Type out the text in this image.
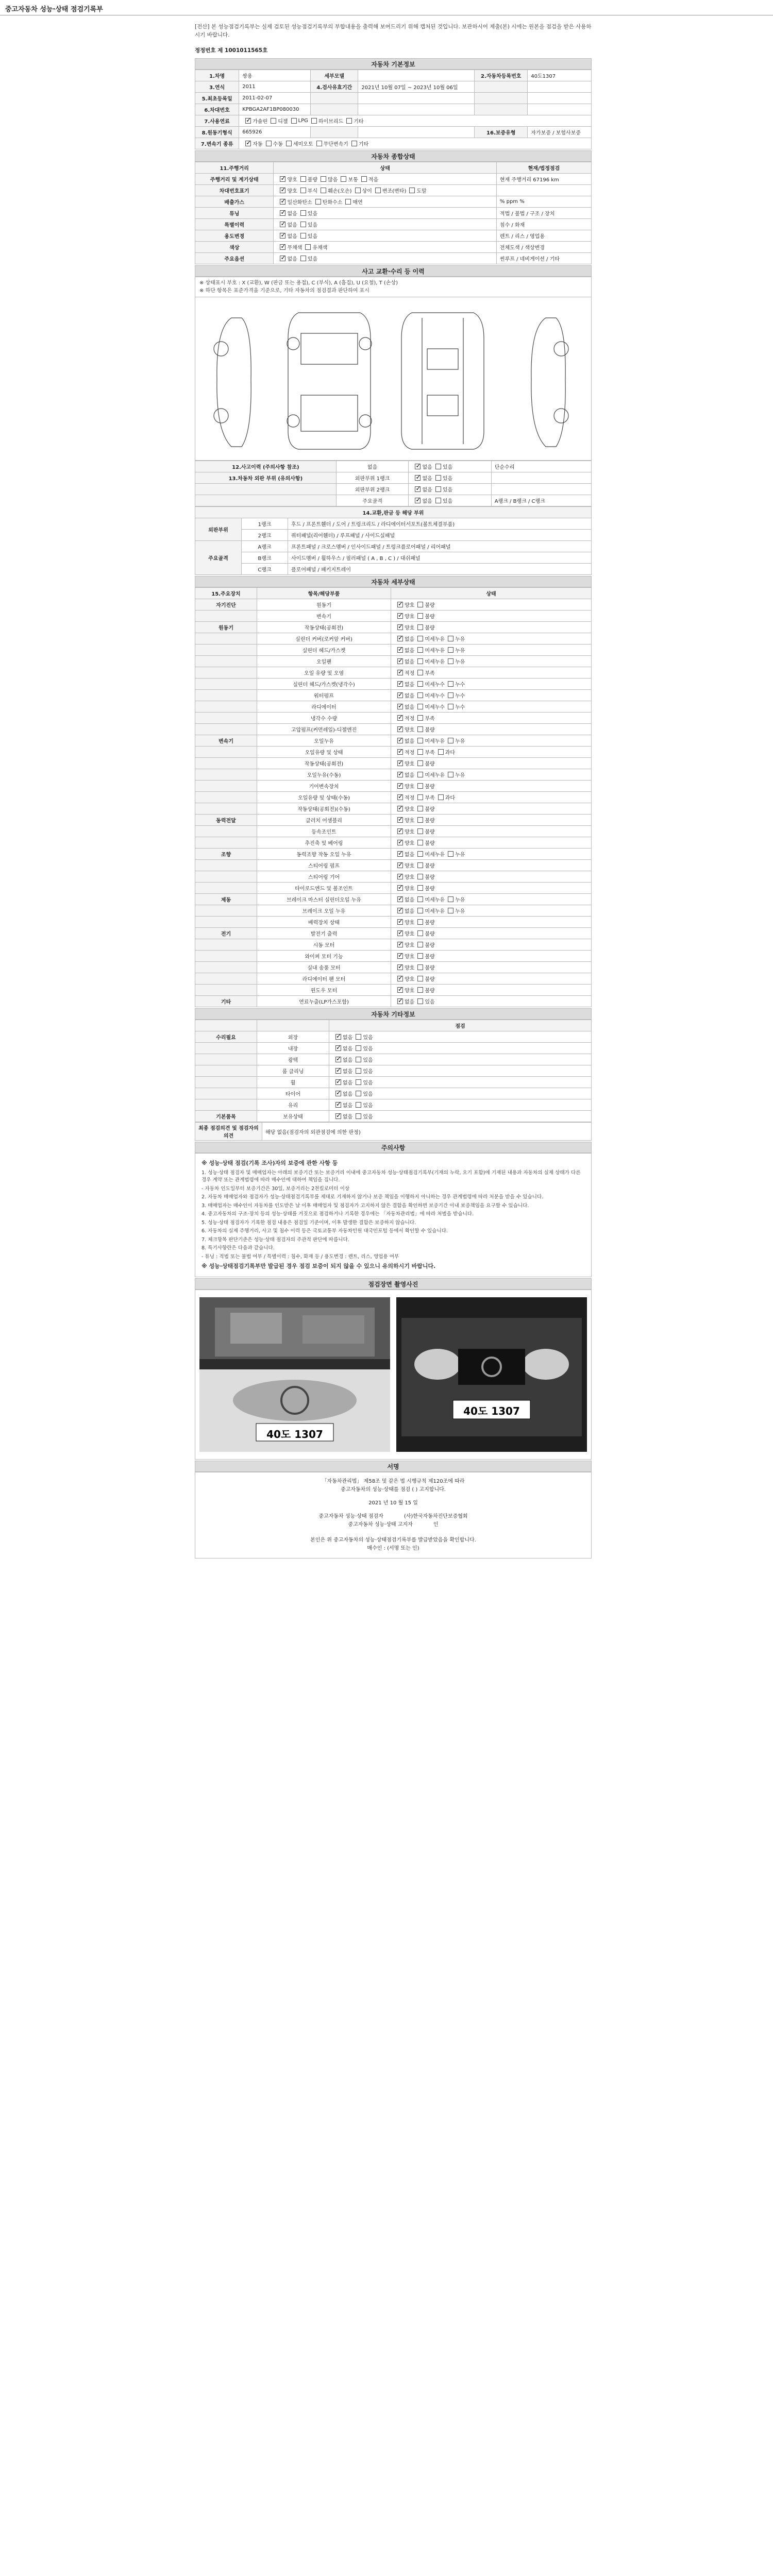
중고자동차 성능·상태 점검기록부

[전산] 본 성능점검기록부는 실제 검토된 성능점검기록부의 부합내용을 출력해 보여드리기 위해 캡처된 것입니다. 보관하시어 제출(본) 시에는 원본을 점검을 받은 사용하시기 바랍니다.

정정번호 제 1001011565호
자동차 기본정보
1.차명	쌍용	세부모델		2.자동차등록번호	40도1307
3.연식	2011	4.검사유효기간	2021년 10월 07일 ~ 2023년 10월 06일		
5.최초등록일	2011-02-07				
6.차대번호	KPBGA2AF1BP080030				
7.사용연료	✓가솔린 디젤 LPG 하이브리드 기타
8.원동기형식	665926			16.보증유형	자가보증 / 보험사보증
7.변속기 종류	✓자동 수동 세미오토 무단변속기 기타
자동차 종합상태
11.주행거리	상태	현재/법정점검
주행거리 및 계기상태	✓양호 불량 많음 보통 적음	현재 주행거리 67196 km
차대번호표기	✓양호 부식 훼손(오손) 상이 변조(변타) 도말	
배출가스	✓일산화탄소 탄화수소 매연	% ppm %
튜닝	✓없음 있음	적법 / 불법 / 구조 / 장치
특별이력	✓없음 있음	침수 / 화재
용도변경	✓없음 있음	렌트 / 리스 / 영업용
색상	✓무채색 유채색	전체도색 / 색상변경
주요옵션	✓없음 있음	썬루프 / 네비게이션 / 기타
사고 교환·수리 등 이력
※ 상태표시 부호 : X (교환), W (판금 또는 용접), C (부식), A (흠집), U (요철), T (손상)
※ 하단 항목은 표준가격을 기준으로, 기타 자동차의 점검결과 판단하여 표시
12.사고이력 (주의사항 참조)	없음	✓없음 있음	단순수리
13.차동차 외판 부위 (유의사항)	외판부위 1랭크	✓없음 있음	
	외판부위 2랭크	✓없음 있음	
	주요골격	✓없음 있음	A랭크 / B랭크 / C랭크
14.교환,판금 등 해당 부위		
외판부위	1랭크	후드 / 프론트휀더 / 도어 / 트렁크리드 / 라디에이터서포트(볼트체결부품)
	2랭크	쿼터패널(리어휀더) / 루프패널 / 사이드실패널
주요골격	A랭크	프론트패널 / 크로스멤버 / 인사이드패널 / 트렁크플로어패널 / 리어패널
	B랭크	사이드멤버 / 휠하우스 / 필러패널 ( A , B , C ) / 대쉬패널
	C랭크	플로어패널 / 패키지트레이
자동차 세부상태
15.주요장치	항목/해당부품	상태
자기진단	원동기	✓양호 불량
	변속기	✓양호 불량
원동기	작동상태(공회전)	✓양호 불량
	실린더 커버(로커암 커버)	✓없음 미세누유 누유
	실린더 헤드/가스켓	✓없음 미세누유 누유
	오일팬	✓없음 미세누유 누유
	오일 유량 및 오염	✓적정 부족
	실린더 헤드/가스켓(냉각수)	✓없음 미세누수 누수
	워터펌프	✓없음 미세누수 누수
	라디에이터	✓없음 미세누수 누수
	냉각수 수량	✓적정 부족
	고압펌프(커먼레일)-디젤엔진	✓양호 불량
변속기	오일누유	✓없음 미세누유 누유
	오일유량 및 상태	✓적정 부족 과다
	작동상태(공회전)	✓양호 불량
	오일누유(수동)	✓없음 미세누유 누유
	기어변속장치	✓양호 불량
	오일유량 및 상태(수동)	✓적정 부족 과다
	작동상태(공회전)(수동)	✓양호 불량
동력전달	클러치 어셈블리	✓양호 불량
	등속조인트	✓양호 불량
	추진축 및 베어링	✓양호 불량
조향	동력조향 작동 오일 누유	✓없음 미세누유 누유
	스티어링 펌프	✓양호 불량
	스티어링 기어	✓양호 불량
	타이로드엔드 및 볼조인트	✓양호 불량
제동	브레이크 마스터 실린더오일 누유	✓없음 미세누유 누유
	브레이크 오일 누유	✓없음 미세누유 누유
	배력장치 상태	✓양호 불량
전기	발전기 출력	✓양호 불량
	시동 모터	✓양호 불량
	와이퍼 모터 기능	✓양호 불량
	실내 송풍 모터	✓양호 불량
	라디에이터 팬 모터	✓양호 불량
	윈도우 모터	✓양호 불량
기타	연료누출(LP가스포함)	✓없음 있음
자동차 기타정보
		점검
수리필요	외장	✓없음 있음
	내장	✓없음 있음
	광택	✓없음 있음
	룸 클리닝	✓없음 있음
	휠	✓없음 있음
	타이어	✓없음 있음
	유리	✓없음 있음
기본품목	보유상태	✓없음 있음
최종 점검의견 및 점검자의 의견	해당 없음(점검자의 외관점검에 의한 판정)
주의사항

※ 성능·상태 점검(기록 조사)자의 보증에 관한 사항 등

1. 성능·상태 점검자 및 매매업자는 아래의 보증기간 또는 보증거리 이내에 중고자동차 성능·상태점검기록부(기재의 누락, 오기 포함)에 기재된 내용과 자동차의 실제 상태가 다른 경우 계약 또는 관계법령에 따라 매수인에 대하여 책임을 집니다.

- 자동차 인도일부터 보증기간은 30일, 보증거리는 2천킬로미터 이상

2. 자동차 매매업자와 점검자가 성능·상태점검기록부를 제대로 기재하지 않거나 보증 책임을 이행하지 아니하는 경우 관계법령에 따라 처분을 받을 수 있습니다.

3. 매매업자는 매수인이 자동차를 인도받은 날 이후 매매업자 및 점검자가 고지하지 않은 결함을 확인하면 보증기간 이내 보증책임을 요구할 수 있습니다.

4. 중고자동차의 구조·장치 등의 성능·상태를 거짓으로 점검하거나 기록한 경우에는 「자동차관리법」에 따라 처벌을 받습니다.

5. 성능·상태 점검자가 기록한 점검 내용은 점검일 기준이며, 이후 발생한 결함은 보증하지 않습니다.

6. 자동차의 실제 주행거리, 사고 및 침수 이력 등은 국토교통부 자동차민원 대국민포털 등에서 확인할 수 있습니다.

7. 체크항목 판단기준은 성능·상태 점검자의 주관적 판단에 따릅니다.

8. 특기사항란은 다음과 같습니다.

- 튜닝 : 적법 또는 불법 여부 / 특별이력 : 침수, 화재 등 / 용도변경 : 렌트, 리스, 영업용 여부

※ 성능·상태점검기록부만 발급된 경우 점검 보증이 되지 않을 수 있으니 유의하시기 바랍니다.

점검장면 촬영사진
40도 1307
40도 1307
서명
「자동차관리법」 제58조 및 같은 법 시행규칙 제120조에 따라
중고자동차의 성능·상태를 점검 ( ) 고지합니다.
2021 년 10 월 15 일
중고자동차 성능·상태 점검자	(사)한국자동차진단보증협회
중고자동차 성능·상태 고지자	인
본인은 위 중고자동차의 성능·상태점검기록부를 발급받았음을 확인합니다.
매수인 : (서명 또는 인)
